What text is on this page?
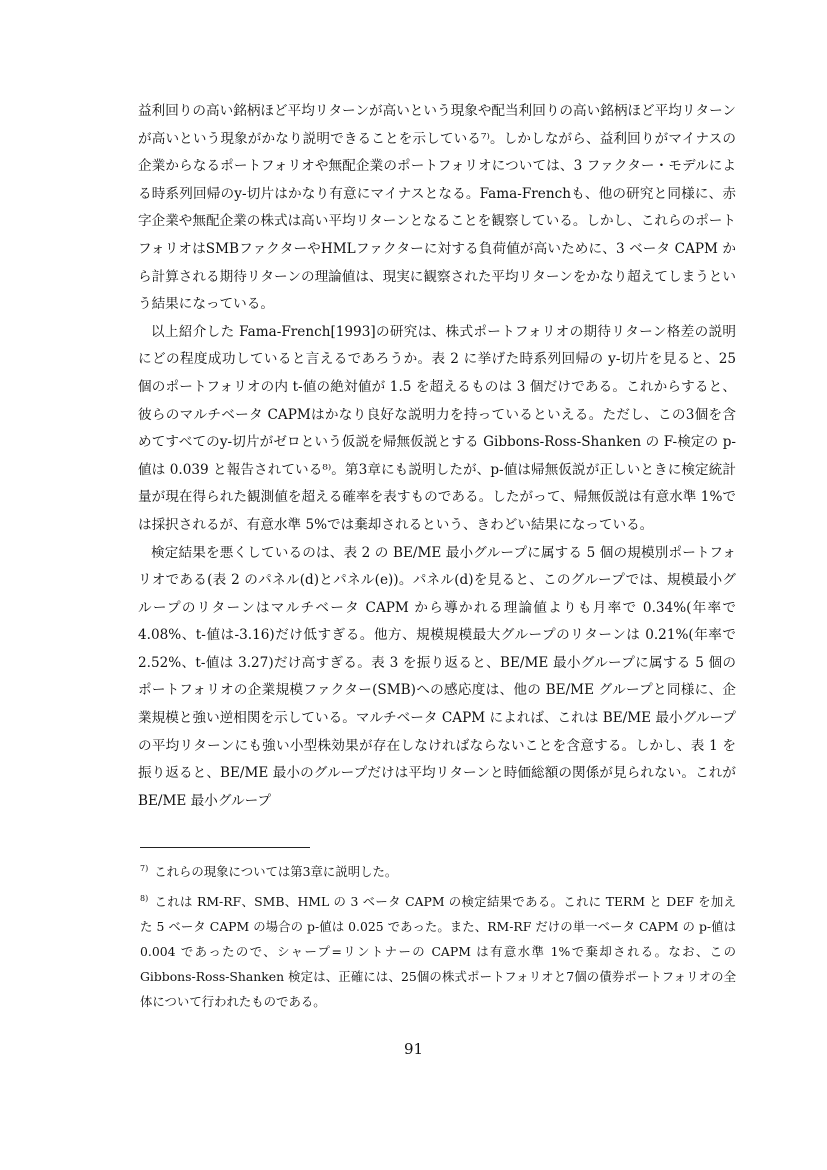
益利回りの高い銘柄ほど平均リターンが高いという現象や配当利回りの高い銘柄ほど平均リターンが高いという現象がかなり説明できることを示している⁷⁾。しかしながら、益利回りがマイナスの企業からなるポートフォリオや無配企業のポートフォリオについては、3 ファクター・モデルによる時系列回帰のy-切片はかなり有意にマイナスとなる。Fama-Frenchも、他の研究と同様に、赤字企業や無配企業の株式は高い平均リターンとなることを観察している。しかし、これらのポートフォリオはSMBファクターやHMLファクターに対する負荷値が高いために、3 ベータ CAPM から計算される期待リターンの理論値は、現実に観察された平均リターンをかなり超えてしまうという結果になっている。

以上紹介した Fama-French[1993]の研究は、株式ポートフォリオの期待リターン格差の説明にどの程度成功していると言えるであろうか。表 2 に挙げた時系列回帰の y-切片を見ると、25 個のポートフォリオの内 t-値の絶対値が 1.5 を超えるものは 3 個だけである。これからすると、彼らのマルチベータ CAPMはかなり良好な説明力を持っているといえる。ただし、この3個を含めてすべてのy-切片がゼロという仮説を帰無仮説とする Gibbons-Ross-Shanken の F-検定の p-値は 0.039 と報告されている⁸⁾。第3章にも説明したが、p-値は帰無仮説が正しいときに検定統計量が現在得られた観測値を超える確率を表すものである。したがって、帰無仮説は有意水準 1%では採択されるが、有意水準 5%では棄却されるという、きわどい結果になっている。

検定結果を悪くしているのは、表 2 の BE/ME 最小グループに属する 5 個の規模別ポートフォリオである(表 2 のパネル(d)とパネル(e))。パネル(d)を見ると、このグループでは、規模最小グループのリターンはマルチベータ CAPM から導かれる理論値よりも月率で 0.34%(年率で 4.08%、t-値は-3.16)だけ低すぎる。他方、規模規模最大グループのリターンは 0.21%(年率で 2.52%、t-値は 3.27)だけ高すぎる。表 3 を振り返ると、BE/ME 最小グループに属する 5 個のポートフォリオの企業規模ファクター(SMB)への感応度は、他の BE/ME グループと同様に、企業規模と強い逆相関を示している。マルチベータ CAPM によれば、これは BE/ME 最小グループの平均リターンにも強い小型株効果が存在しなければならないことを含意する。しかし、表 1 を振り返ると、BE/ME 最小のグループだけは平均リターンと時価総額の関係が見られない。これが BE/ME 最小グループ

$^{7)}$ これらの現象については第3章に説明した。

$^{8)}$ これは RM-RF、SMB、HML の 3 ベータ CAPM の検定結果である。これに TERM と DEF を加えた 5 ベータ CAPM の場合の p-値は 0.025 であった。また、RM-RF だけの単一ベータ CAPM の p-値は 0.004 であったので、シャープ=リントナーの CAPM は有意水準 1%で棄却される。なお、この Gibbons-Ross-Shanken 検定は、正確には、25個の株式ポートフォリオと7個の債券ポートフォリオの全体について行われたものである。

91
